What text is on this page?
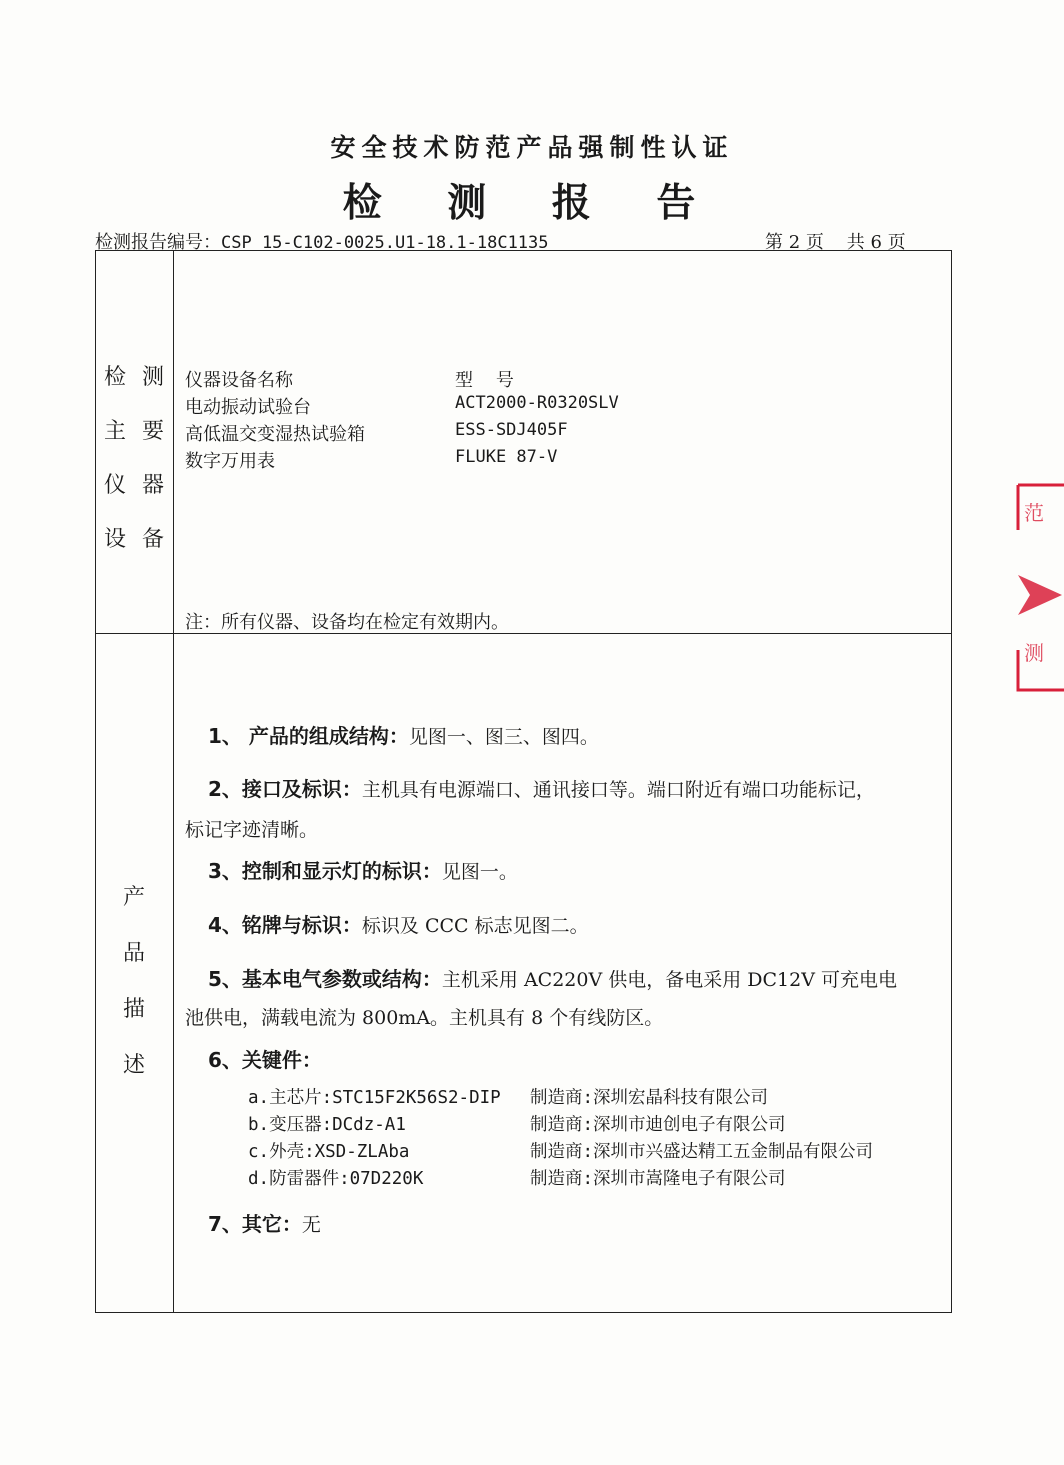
安全技术防范产品强制性认证
检 测 报 告
检测报告编号：CSP 15-C102-0025.U1-18.1-18C1135	第 2 页    共 6 页
检 测
主 要
仪 器
设 备
仪器设备名称	型    号
电动振动试验台	ACT2000-R0320SLV
高低温交变湿热试验箱	ESS-SDJ405F
数字万用表	FLUKE 87-V
注：所有仪器、设备均在检定有效期内。
产
品
描
述
1、 产品的组成结构：见图一、图三、图四。
2、接口及标识：主机具有电源端口、通讯接口等。端口附近有端口功能标记，
标记字迹清晰。
3、控制和显示灯的标识：见图一。
4、铭牌与标识：标识及 CCC 标志见图二。
5、基本电气参数或结构：主机采用 AC220V 供电，备电采用 DC12V 可充电电
池供电，满载电流为 800mA。主机具有 8 个有线防区。
6、关键件：
a.主芯片:STC15F2K56S2-DIP 制造商:深圳宏晶科技有限公司
b.变压器:DCdz-A1	制造商:深圳市迪创电子有限公司
c.外壳:XSD-ZLAba	制造商:深圳市兴盛达精工五金制品有限公司
d.防雷器件:07D220K	制造商:深圳市嵩隆电子有限公司
7、其它：无
范
测
